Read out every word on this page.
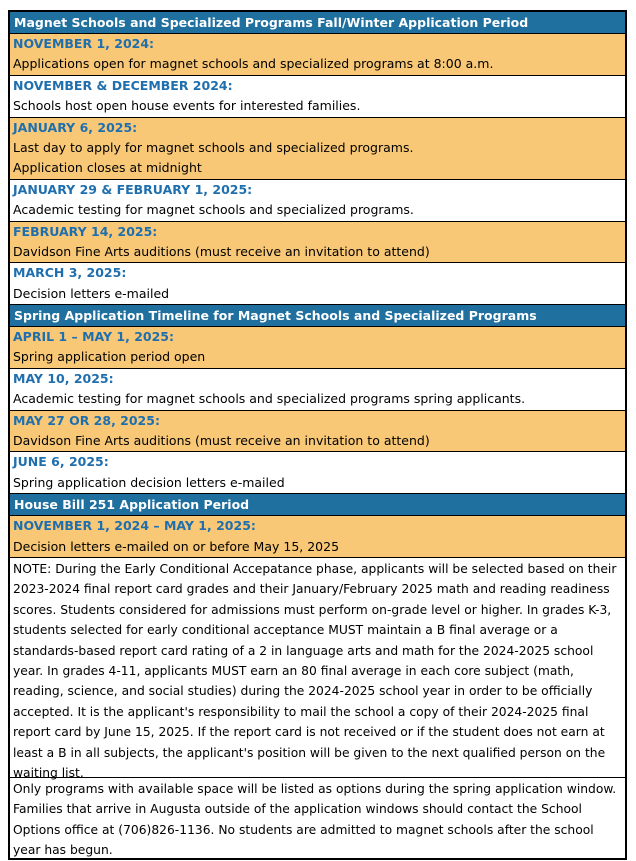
Magnet Schools and Specialized Programs Fall/Winter Application Period
NOVEMBER 1, 2024:
Applications open for magnet schools and specialized programs at 8:00 a.m.
NOVEMBER & DECEMBER 2024:
Schools host open house events for interested families.
JANUARY 6, 2025:
Last day to apply for magnet schools and specialized programs.
Application closes at midnight
JANUARY 29 & FEBRUARY 1, 2025:
Academic testing for magnet schools and specialized programs.
FEBRUARY 14, 2025:
Davidson Fine Arts auditions (must receive an invitation to attend)
MARCH 3, 2025:
Decision letters e-mailed
Spring Application Timeline for Magnet Schools and Specialized Programs
APRIL 1 – MAY 1, 2025:
Spring application period open
MAY 10, 2025:
Academic testing for magnet schools and specialized programs spring applicants.
MAY 27 OR 28, 2025:
Davidson Fine Arts auditions (must receive an invitation to attend)
JUNE 6, 2025:
Spring application decision letters e-mailed
House Bill 251 Application Period
NOVEMBER 1, 2024 – MAY 1, 2025:
Decision letters e-mailed on or before May 15, 2025
NOTE: During the Early Conditional Accepatance phase, applicants will be selected based on their 2023-2024 final report card grades and their January/February 2025 math and reading readiness scores. Students considered for admissions must perform on-grade level or higher. In grades K-3, students selected for early conditional acceptance MUST maintain a B final average or a standards-based report card rating of a 2 in language arts and math for the 2024-2025 school year. In grades 4-11, applicants MUST earn an 80 final average in each core subject (math, reading, science, and social studies) during the 2024-2025 school year in order to be officially accepted. It is the applicant's responsibility to mail the school a copy of their 2024-2025 final report card by June 15, 2025. If the report card is not received or if the student does not earn at least a B in all subjects, the applicant's position will be given to the next qualified person on the waiting list.
Only programs with available space will be listed as options during the spring application window. Families that arrive in Augusta outside of the application windows should contact the School Options office at (706)826-1136. No students are admitted to magnet schools after the school year has begun.
